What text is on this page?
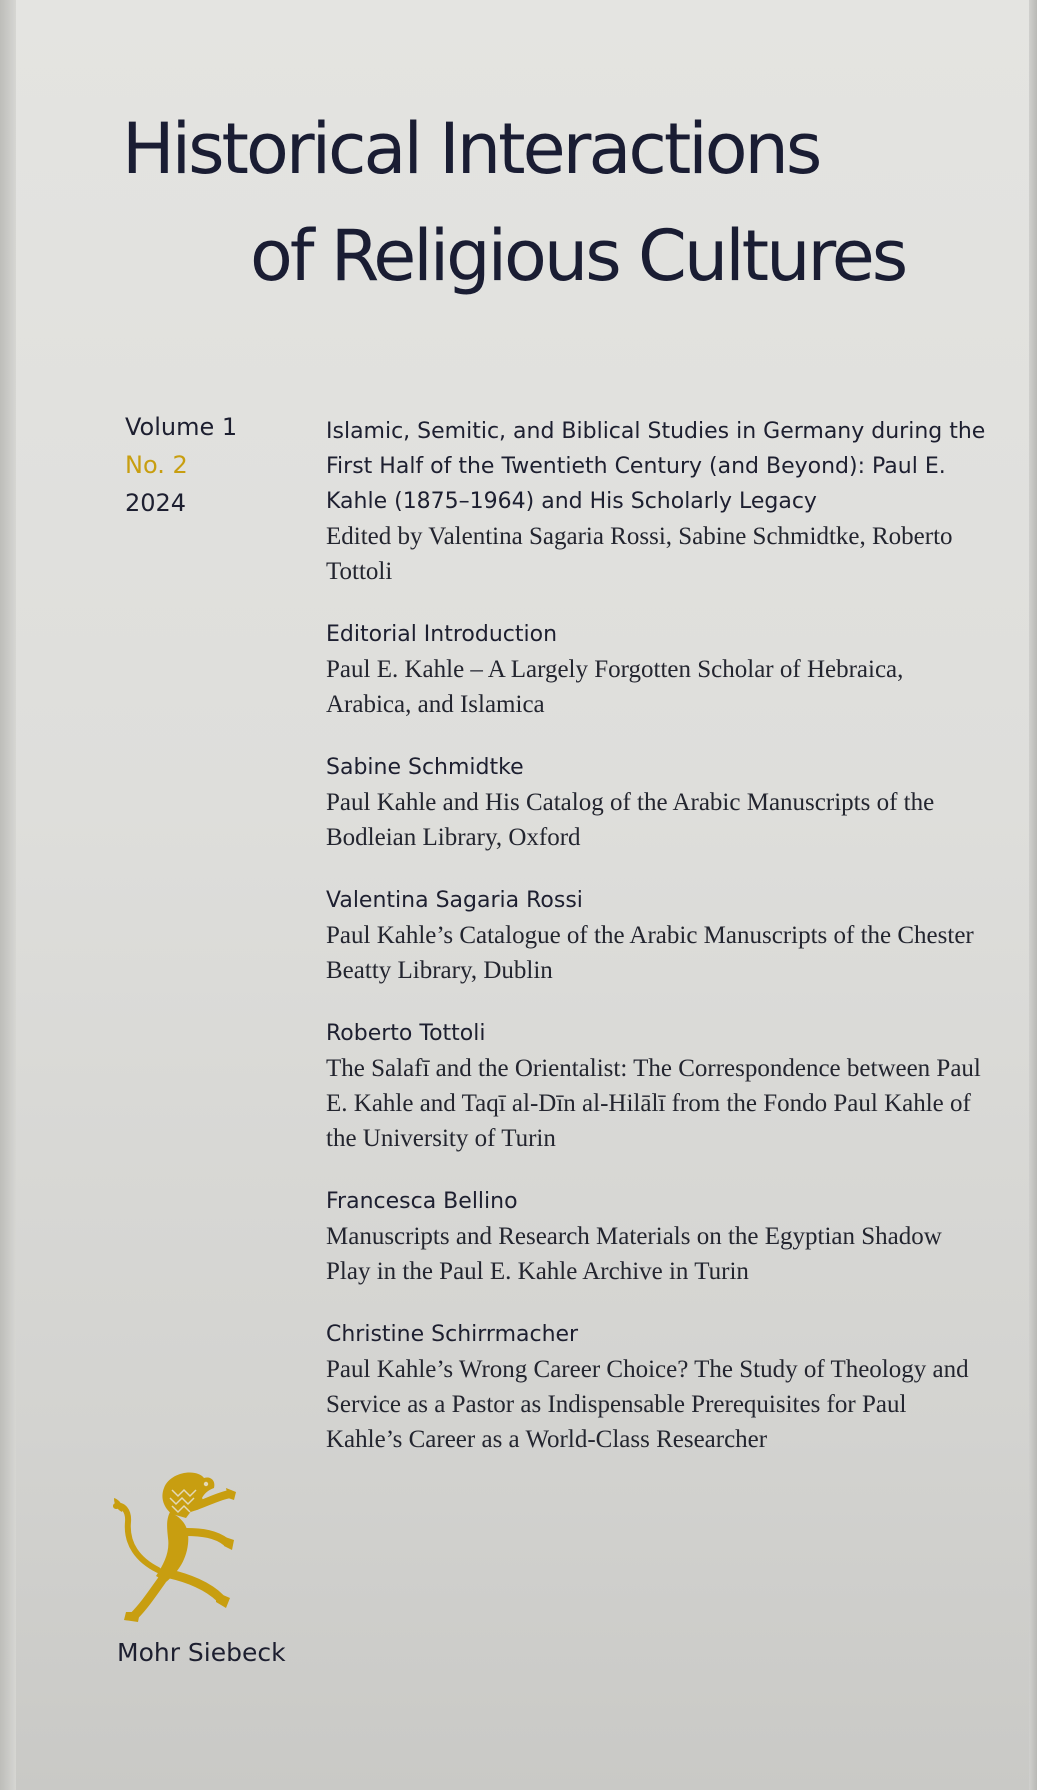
Historical Interactions
of Religious Cultures
Volume 1
No. 2
2024
Islamic, Semitic, and Biblical Studies in Germany during the First Half of the Twentieth Century (and Beyond): Paul E. Kahle (1875–1964) and His Scholarly Legacy
Edited by Valentina Sagaria Rossi, Sabine Schmidtke, Roberto Tottoli
Editorial Introduction
Paul E. Kahle – A Largely Forgotten Scholar of Hebraica, Arabica, and Islamica
Sabine Schmidtke
Paul Kahle and His Catalog of the Arabic Manuscripts of the Bodleian Library, Oxford
Valentina Sagaria Rossi
Paul Kahle’s Catalogue of the Arabic Manuscripts of the Chester Beatty Library, Dublin
Roberto Tottoli
The Salafī and the Orientalist: The Correspondence between Paul E. Kahle and Taqī al-Dīn al-Hilālī from the Fondo Paul Kahle of the University of Turin
Francesca Bellino
Manuscripts and Research Materials on the Egyptian Shadow Play in the Paul E. Kahle Archive in Turin
Christine Schirrmacher
Paul Kahle’s Wrong Career Choice? The Study of Theology and Service as a Pastor as Indispensable Prerequisites for Paul Kahle’s Career as a World-Class Researcher
Mohr Siebeck
